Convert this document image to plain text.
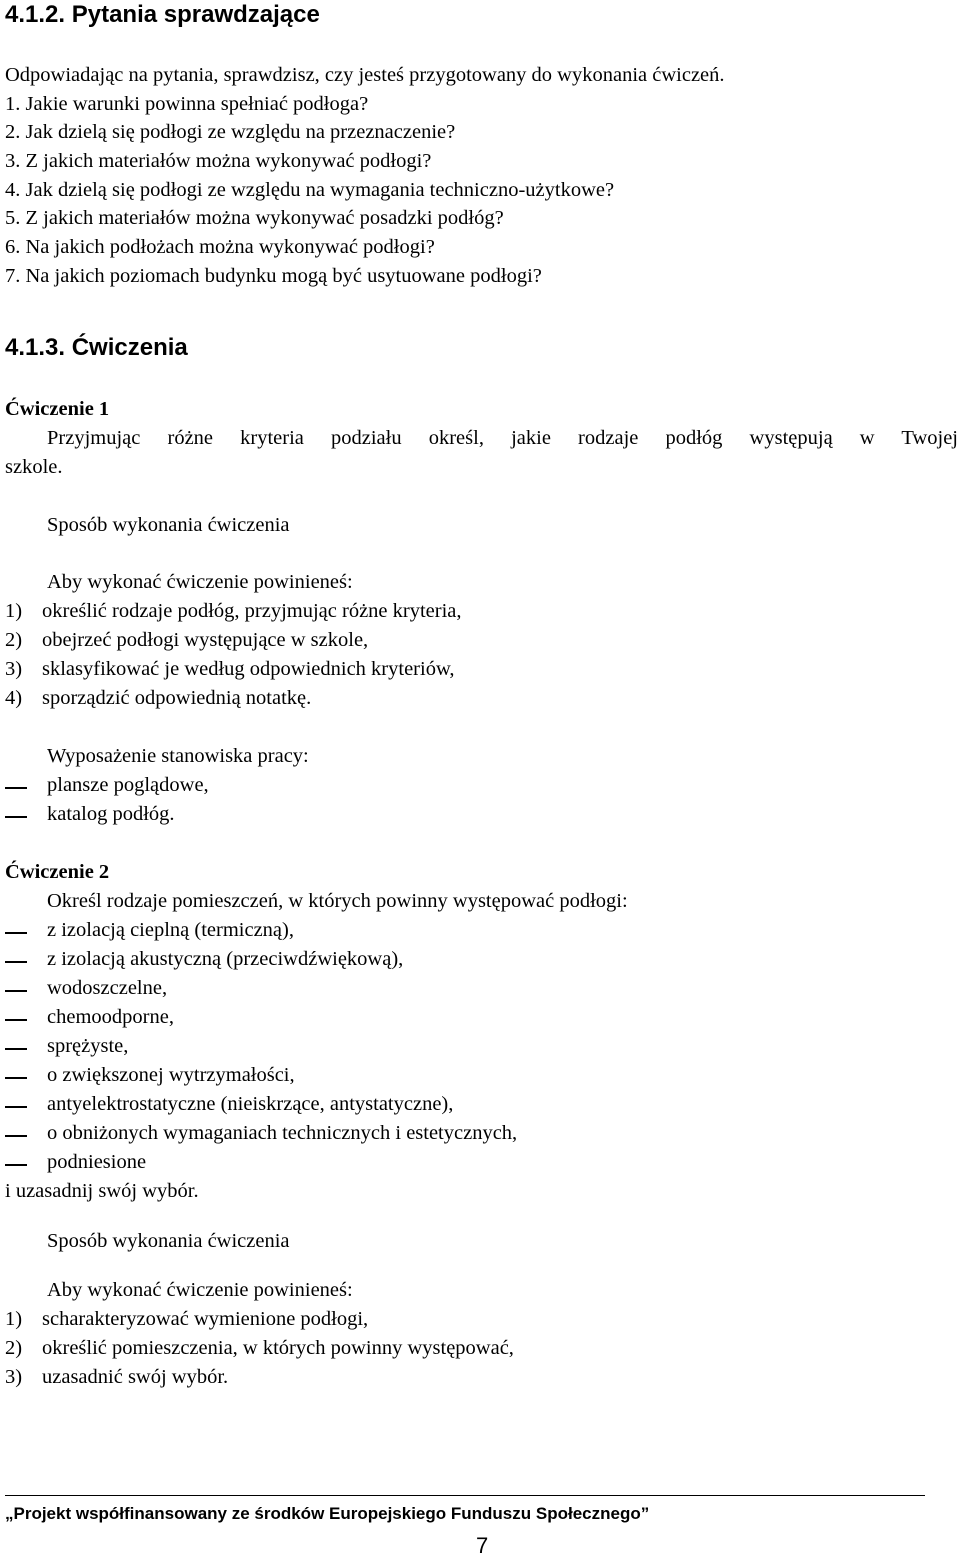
4.1.2. Pytania sprawdzające
Odpowiadając na pytania, sprawdzisz, czy jesteś przygotowany do wykonania ćwiczeń.
1. Jakie warunki powinna spełniać podłoga?
2. Jak dzielą się podłogi ze względu na przeznaczenie?
3. Z jakich materiałów można wykonywać podłogi?
4. Jak dzielą się podłogi ze względu na wymagania techniczno-użytkowe?
5. Z jakich materiałów można wykonywać posadzki podłóg?
6. Na jakich podłożach można wykonywać podłogi?
7. Na jakich poziomach budynku mogą być usytuowane podłogi?
4.1.3. Ćwiczenia
Ćwiczenie 1
Przyjmując różne kryteria podziału określ, jakie rodzaje podłóg występują w Twojej
szkole.
Sposób wykonania ćwiczenia
Aby wykonać ćwiczenie powinieneś:
1) określić rodzaje podłóg, przyjmując różne kryteria,
2) obejrzeć podłogi występujące w szkole,
3) sklasyfikować je według odpowiednich kryteriów,
4) sporządzić odpowiednią notatkę.
Wyposażenie stanowiska pracy:
plansze poglądowe,
katalog podłóg.
Ćwiczenie 2
Określ rodzaje pomieszczeń, w których powinny występować podłogi:
z izolacją cieplną (termiczną),
z izolacją akustyczną (przeciwdźwiękową),
wodoszczelne,
chemoodporne,
sprężyste,
o zwiększonej wytrzymałości,
antyelektrostatyczne (nieiskrzące, antystatyczne),
o obniżonych wymaganiach technicznych i estetycznych,
podniesione
i uzasadnij swój wybór.
Sposób wykonania ćwiczenia
Aby wykonać ćwiczenie powinieneś:
1) scharakteryzować wymienione podłogi,
2) określić pomieszczenia, w których powinny występować,
3) uzasadnić swój wybór.
„Projekt współfinansowany ze środków Europejskiego Funduszu Społecznego”
7
